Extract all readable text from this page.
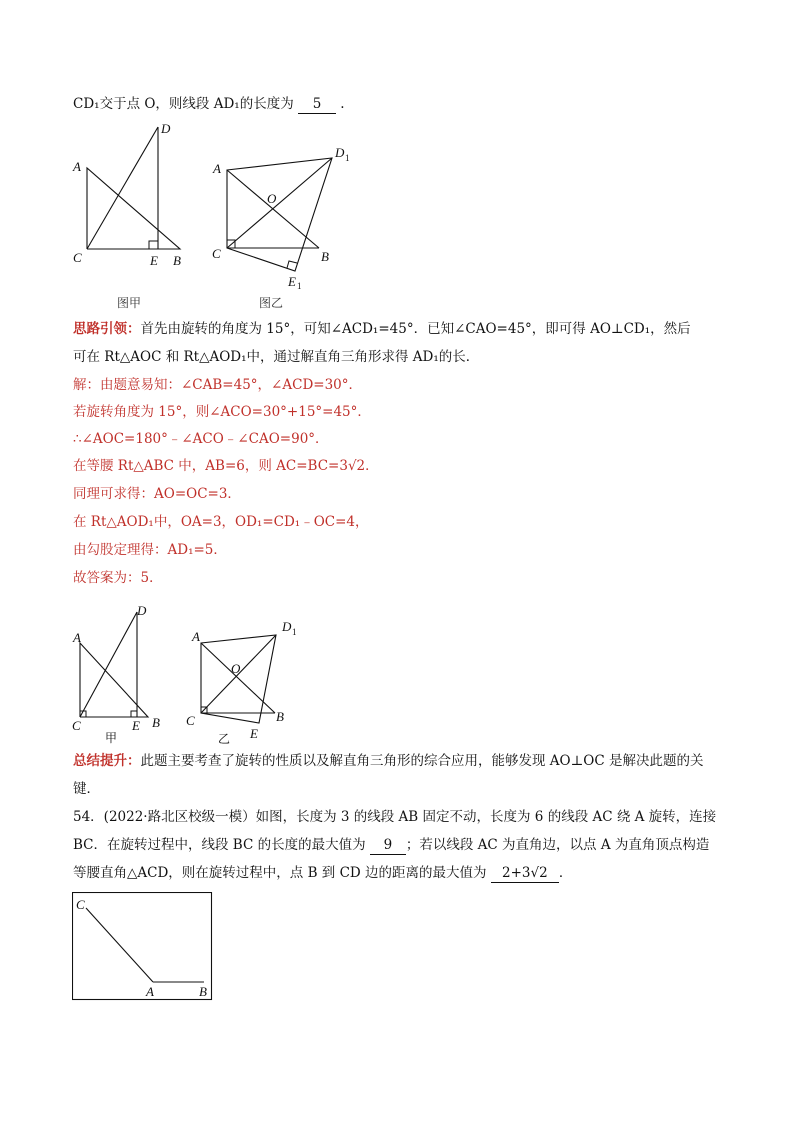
CD₁交于点 O，则线段 AD₁的长度为 5 .
A
D
C	E B
图甲
A
D 1
O
C	B
E 1
图乙
思路引领：首先由旋转的角度为 15°，可知∠ACD₁=45°．已知∠CAO=45°，即可得 AO⊥CD₁，然后
可在 Rt△AOC 和 Rt△AOD₁中，通过解直角三角形求得 AD₁的长．
解：由题意易知：∠CAB=45°，∠ACD=30°．
若旋转角度为 15°，则∠ACO=30°+15°=45°．
∴∠AOC=180°﹣∠ACO﹣∠CAO=90°．
在等腰 Rt△ABC 中，AB=6，则 AC=BC=3√2．
同理可求得：AO=OC=3．
在 Rt△AOD₁中，OA=3，OD₁=CD₁﹣OC=4，
由勾股定理得：AD₁=5．
故答案为：5．
A
D
C	E B
甲
A
D 1
O
C	B
E
乙
总结提升：此题主要考查了旋转的性质以及解直角三角形的综合应用，能够发现 AO⊥OC 是解决此题的关
键．
54．(2022·路北区校级一模）如图，长度为 3 的线段 AB 固定不动，长度为 6 的线段 AC 绕 A 旋转，连接
BC．在旋转过程中，线段 BC 的长度的最大值为 9 ；若以线段 AC 为直角边，以点 A 为直角顶点构造
等腰直角△ACD，则在旋转过程中，点 B 到 CD 边的距离的最大值为 2+3√2 ．
C
A	B
